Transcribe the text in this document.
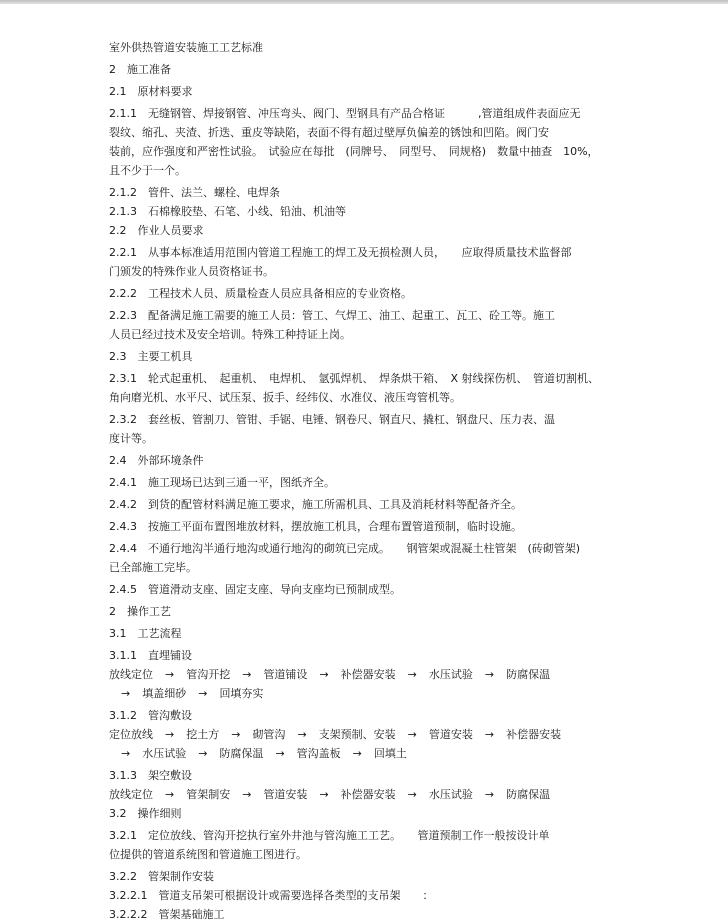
室外供热管道安装施工工艺标准
2　施工准备
2.1　原材料要求
2.1.1　无缝钢管、焊接钢管、冲压弯头、阀门、型钢具有产品合格证　　　,管道组成件表面应无
裂纹、缩孔、夹渣、折迭、重皮等缺陷，表面不得有超过壁厚负偏差的锈蚀和凹陷。阀门安
装前，应作强度和严密性试验。　试验应在每批　(同牌号、　同型号、　同规格)　数量中抽查　10%，
且不少于一个。
2.1.2　管件、法兰、螺栓、电焊条
2.1.3　石棉橡胶垫、石笔、小线、铅油、机油等
2.2　作业人员要求
2.2.1　从事本标准适用范围内管道工程施工的焊工及无损检测人员，　　应取得质量技术监督部
门颁发的特殊作业人员资格证书。
2.2.2　工程技术人员、质量检查人员应具备相应的专业资格。
2.2.3　配备满足施工需要的施工人员：管工、气焊工、油工、起重工、瓦工、砼工等。施工
人员已经过技术及安全培训。特殊工种持证上岗。
2.3　主要工机具
2.3.1　轮式起重机、　起重机、　电焊机、　氩弧焊机、　焊条烘干箱、　X 射线探伤机、　管道切割机、
角向磨光机、水平尺、试压泵、扳手、经纬仪、水准仪、液压弯管机等。
2.3.2　套丝板、管割刀、管钳、手锯、电锤、钢卷尺、钢直尺、撬杠、钢盘尺、压力表、温
度计等。
2.4　外部环境条件
2.4.1　施工现场已达到三通一平，图纸齐全。
2.4.2　到货的配管材料满足施工要求，施工所需机具、工具及消耗材料等配备齐全。
2.4.3　按施工平面布置图堆放材料，摆放施工机具，合理布置管道预制，临时设施。
2.4.4　不通行地沟半通行地沟或通行地沟的砌筑已完成。　　钢管架或混凝土柱管架　(砖砌管架)
已全部施工完毕。
2.4.5　管道滑动支座、固定支座、导向支座均已预制成型。
2　操作工艺
3.1　工艺流程
3.1.1　直埋铺设
放线定位 → 管沟开挖 → 管道铺设 → 补偿器安装 → 水压试验 → 防腐保温
→ 填盖细砂 → 回填夯实
3.1.2　管沟敷设
定位放线 → 挖土方 → 砌管沟 → 支架预制、安装 → 管道安装 → 补偿器安装
→ 水压试验 → 防腐保温 → 管沟盖板 → 回填土
3.1.3　架空敷设
放线定位 → 管架制安 → 管道安装 → 补偿器安装 → 水压试验 → 防腐保温
3.2　操作细则
3.2.1　定位放线、管沟开挖执行室外井池与管沟施工工艺。　　管道预制工作一般按设计单
位提供的管道系统图和管道施工图进行。
3.2.2　管架制作安装
3.2.2.1　管道支吊架可根据设计或需要选择各类型的支吊架　　：
3.2.2.2　管架基础施工
